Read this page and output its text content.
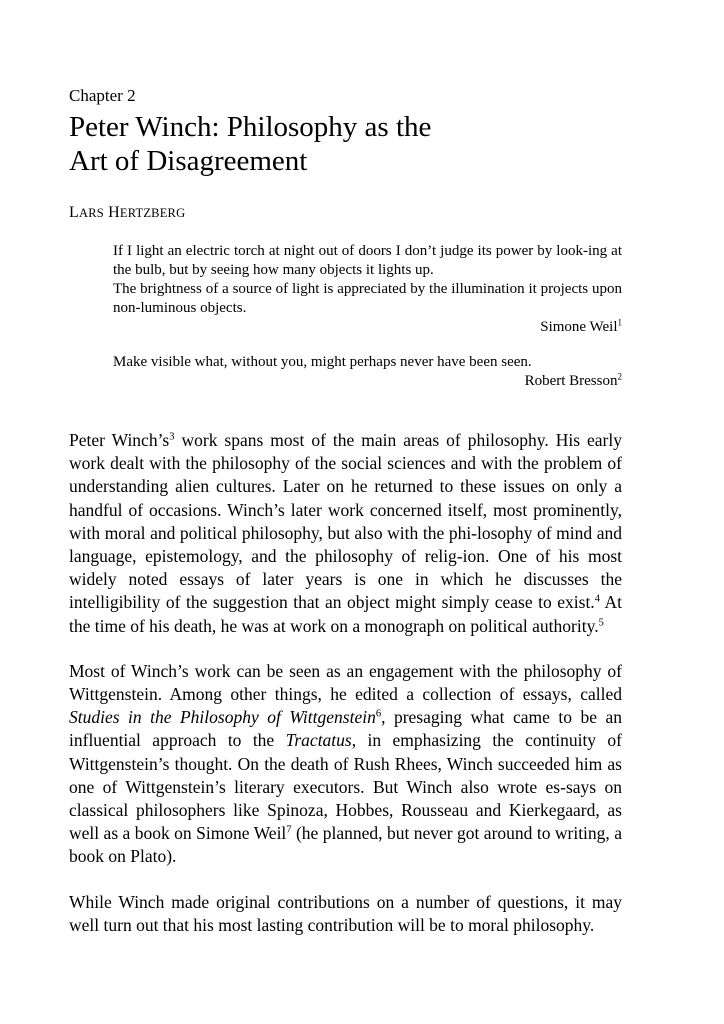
Chapter 2

Peter Winch: Philosophy as the
Art of Disagreement

LARS HERTZBERG

If I light an electric torch at night out of doors I don’t judge its power by look-ing at the bulb, but by seeing how many objects it lights up.

The brightness of a source of light is appreciated by the illumination it projects upon non-luminous objects.

Simone Weil$^1$

Make visible what, without you, might perhaps never have been seen.

Robert Bresson$^2$

Peter $Winch’s^3$ work spans most of the main areas of philosophy. His early work dealt with the philosophy of the social sciences and with the problem of understanding alien cultures. Later on he returned to these issues on only a handful of occasions. Winch’s later work concerned itself, most prominently, with moral and political philosophy, but also with the phi-losophy of mind and language, epistemology, and the philosophy of relig-ion. One of his most widely noted essays of later years is one in which he discusses the intelligibility of the suggestion that an object might simply cease to exist.$^4$ At the time of his death, he was at work on a monograph on political authority.$^5$

Most of Winch’s work can be seen as an engagement with the philosophy of Wittgenstein. Among other things, he edited a collection of essays, called Studies in the Philosophy of Wittgenstein$^6$, presaging what came to be an influential approach to the Tractatus, in emphasizing the continuity of Wittgenstein’s thought. On the death of Rush Rhees, Winch succeeded him as one of Wittgenstein’s literary executors. But Winch also wrote es-says on classical philosophers like Spinoza, Hobbes, Rousseau and Kierkegaard, as well as a book on Simone Weil$^7$ (he planned, but never got around to writing, a book on Plato).

While Winch made original contributions on a number of questions, it may well turn out that his most lasting contribution will be to moral philosophy.
